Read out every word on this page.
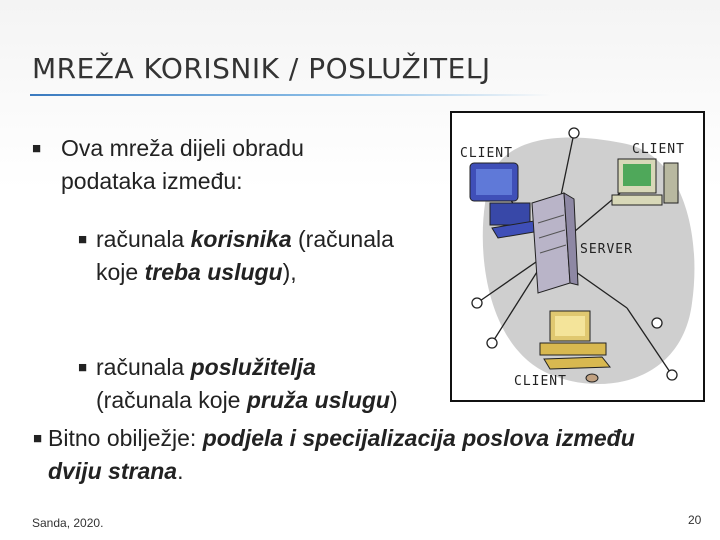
MREŽA KORISNIK / POSLUŽITELJ
■ Ova mreža dijeli obradu podataka između:
■ računala korisnika (računala koje treba uslugu),
■ računala poslužitelja (računala koje pruža uslugu)
■ Bitno obilježje: podjela i specijalizacija poslova između dviju strana.
CLIENT	CLIENT
SERVER
CLIENT
Sanda, 2020.	20
